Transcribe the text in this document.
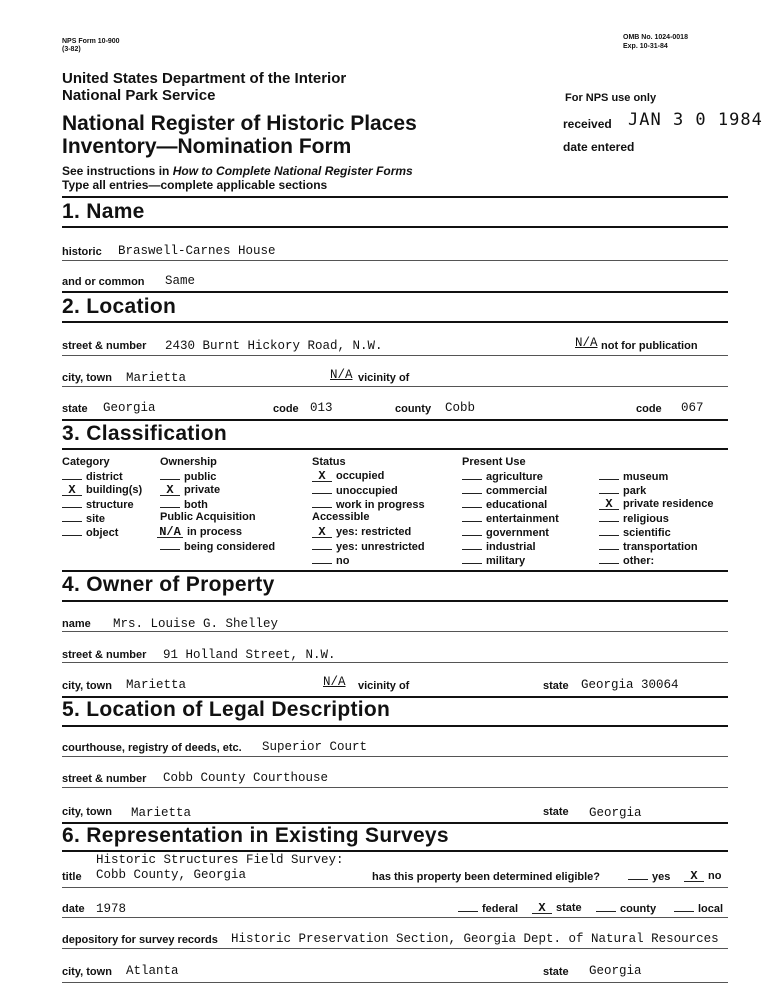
NPS Form 10-900
(3-82)
OMB No. 1024-0018
Exp. 10-31-84
United States Department of the Interior
National Park Service
National Register of Historic Places
Inventory—Nomination Form
See instructions in How to Complete National Register Forms
Type all entries—complete applicable sections
For NPS use only
received JAN 3 0 1984
date entered
1. Name
historic Braswell-Carnes House
and or common Same
2. Location
street & number 2430 Burnt Hickory Road, N.W.	N/A not for publication
city, town Marietta	N/A vicinity of
state Georgia	code 013	county Cobb	code 067
3. Classification
Category
district
X building(s)
structure
site
object
Ownership
public
X private
both
Public Acquisition
N/A in process
being considered
Status
X occupied
unoccupied
work in progress
Accessible
X yes: restricted
yes: unrestricted
no
Present Use
agriculture
commercial
educational
entertainment
government
industrial
military
museum
park
X private residence
religious
scientific
transportation
other:
4. Owner of Property
name Mrs. Louise G. Shelley
street & number 91 Holland Street, N.W.
city, town Marietta	N/A vicinity of	state Georgia 30064
5. Location of Legal Description
courthouse, registry of deeds, etc. Superior Court
street & number Cobb County Courthouse
city, town Marietta	state Georgia
6. Representation in Existing Surveys
Historic Structures Field Survey:
title Cobb County, Georgia	has this property been determined eligible?	yes	X no
date 1978	federal	X state	county	local
depository for survey records Historic Preservation Section, Georgia Dept. of Natural Resources
city, town Atlanta	state Georgia
